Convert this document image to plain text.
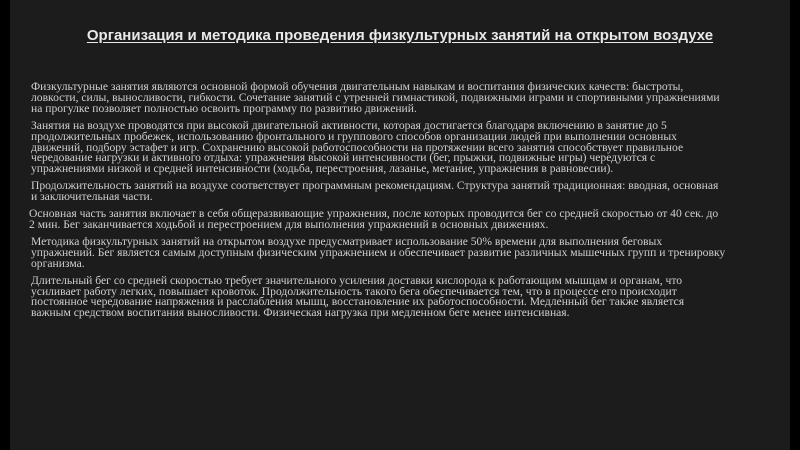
Организация и методика проведения физкультурных занятий на открытом воздухе

Физкультурные занятия являются основной формой обучения двигательным навыкам и воспитания физических качеств: быстроты, ловкости, силы, выносливости, гибкости. Сочетание занятий с утренней гимнастикой, подвижными играми и спортивными упражнениями на прогулке позволяет полностью освоить программу по развитию движений.

Занятия на воздухе проводятся при высокой двигательной активности, которая достигается благодаря включению в занятие до 5 продолжительных пробежек, использованию фронтального и группового способов организации людей при выполнении основных движений, подбору эстафет и игр. Сохранению высокой работоспособности на протяжении всего занятия способствует правильное чередование нагрузки и активного отдыха: упражнения высокой интенсивности (бег, прыжки, подвижные игры) чередуются с упражнениями низкой и средней интенсивности (ходьба, перестроения, лазанье, метание, упражнения в равновесии).

Продолжительность занятий на воздухе соответствует программным рекомендациям. Структура занятий традиционная: вводная, основная и заключительная части.

Основная часть занятия включает в себя общеразвивающие упражнения, после которых проводится бег со средней скоростью от 40 сек. до 2 мин. Бег заканчивается ходьбой и перестроением для выполнения упражнений в основных движениях.

Методика физкультурных занятий на открытом воздухе предусматривает использование 50% времени для выполнения беговых упражнений. Бег является самым доступным физическим упражнением и обеспечивает развитие различных мышечных групп и тренировку организма.

Длительный бег со средней скоростью требует значительного усиления доставки кислорода к работающим мышцам и органам, что усиливает работу легких, повышает кровоток. Продолжительность такого бега обеспечивается тем, что в процессе его происходит постоянное чередование напряжения и расслабления мышц, восстановление их работоспособности. Медленный бег также является важным средством воспитания выносливости. Физическая нагрузка при медленном беге менее интенсивная.
